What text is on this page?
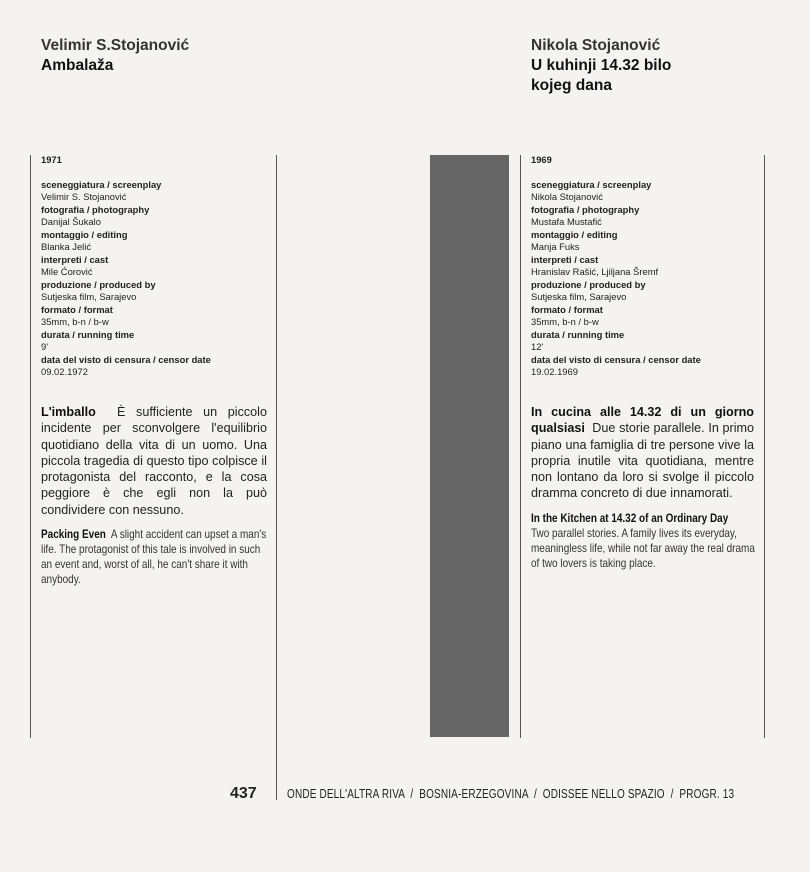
Velimir S.Stojanović
Ambalaža
Nikola Stojanović
U kuhinji 14.32 bilo
kojeg dana
1971
sceneggiatura / screenplay
Velimir S. Stojanović
fotografia / photography
Danijal Šukalo
montaggio / editing
Blanka Jelić
interpreti / cast
Mile Ćorović
produzione / produced by
Sutjeska film, Sarajevo
formato / format
35mm, b-n / b-w
durata / running time
9'
data del visto di censura / censor date
09.02.1972
1969
sceneggiatura / screenplay
Nikola Stojanović
fotografia / photography
Mustafa Mustafić
montaggio / editing
Manja Fuks
interpreti / cast
Hranislav Rašić, Ljiljana Šremf
produzione / produced by
Sutjeska film, Sarajevo
formato / format
35mm, b-n / b-w
durata / running time
12'
data del visto di censura / censor date
19.02.1969
L'imballo È sufficiente un piccolo incidente per sconvolgere l'equilibrio quotidiano della vita di un uomo. Una piccola tragedia di questo tipo colpisce il protagonista del racconto, e la cosa peggiore è che egli non la può condividere con nessuno.
Packing Even A slight accident can upset a man's life. The protagonist of this tale is involved in such an event and, worst of all, he can't share it with anybody.
In cucina alle 14.32 di un giorno qualsiasi Due storie parallele. In primo piano una famiglia di tre persone vive la propria inutile vita quotidiana, mentre non lontano da loro si svolge il piccolo dramma concreto di due innamorati.
In the Kitchen at 14.32 of an Ordinary Day
Two parallel stories. A family lives its everyday, meaningless life, while not far away the real drama of two lovers is taking place.
437 ONDE DELL'ALTRA RIVA  /  BOSNIA-ERZEGOVINA  /  ODISSEE NELLO SPAZIO  /  PROGR. 13
